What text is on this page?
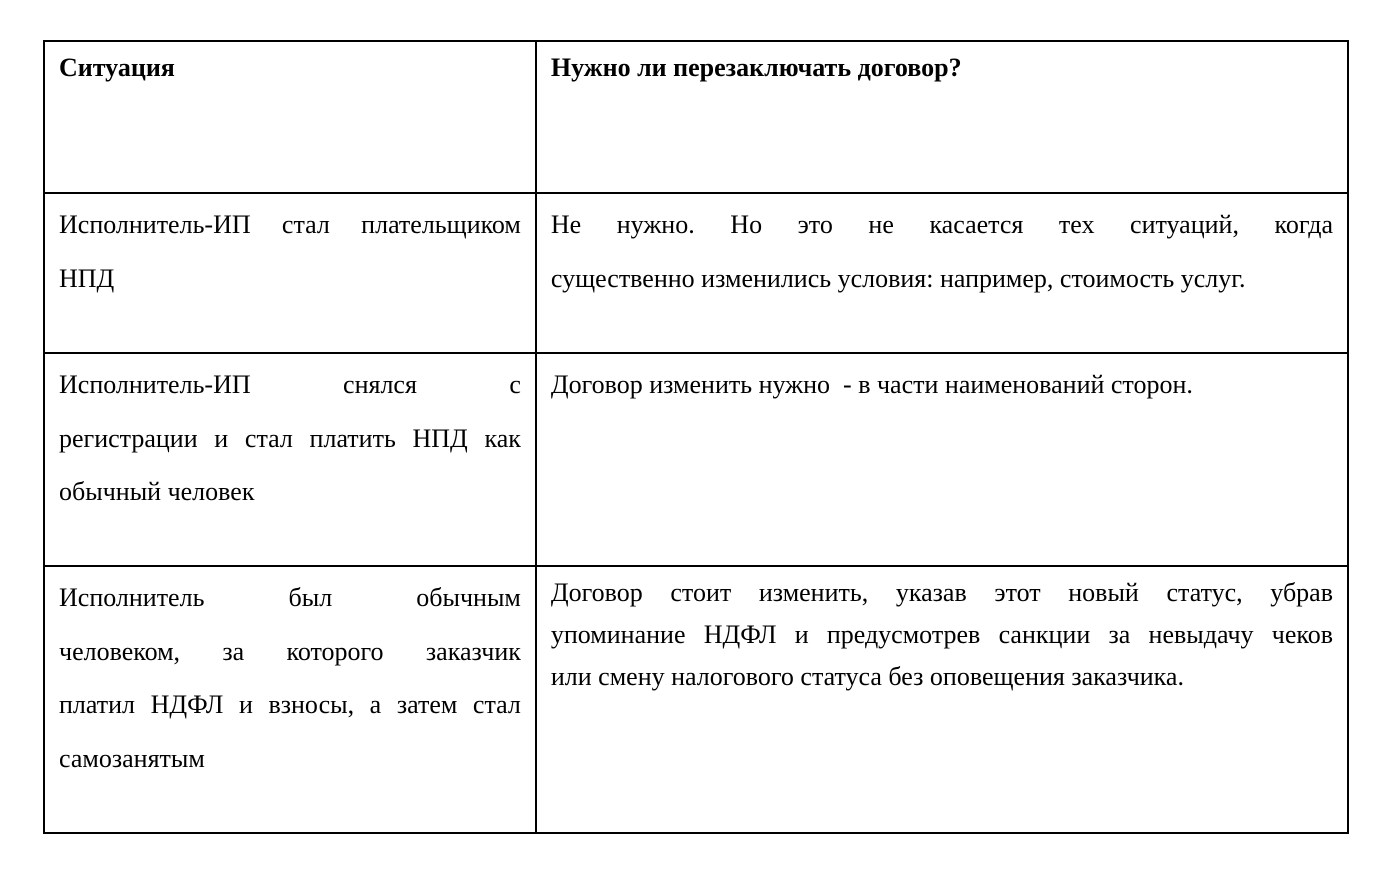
Ситуация	Нужно ли перезаключать договор?

Исполнитель-ИП стал плательщиком
НПД	Не нужно. Но это не касается тех ситуаций, когда
существенно изменились условия: например, стоимость услуг.

Исполнитель-ИП снялся с
регистрации и стал платить НПД как
обычный человек	Договор изменить нужно  - в части наименований сторон.

Исполнитель был обычным
человеком, за которого заказчик
платил НДФЛ и взносы, а затем стал
самозанятым	Договор стоит изменить, указав этот новый статус, убрав
упоминание НДФЛ и предусмотрев санкции за невыдачу чеков
или смену налогового статуса без оповещения заказчика.
